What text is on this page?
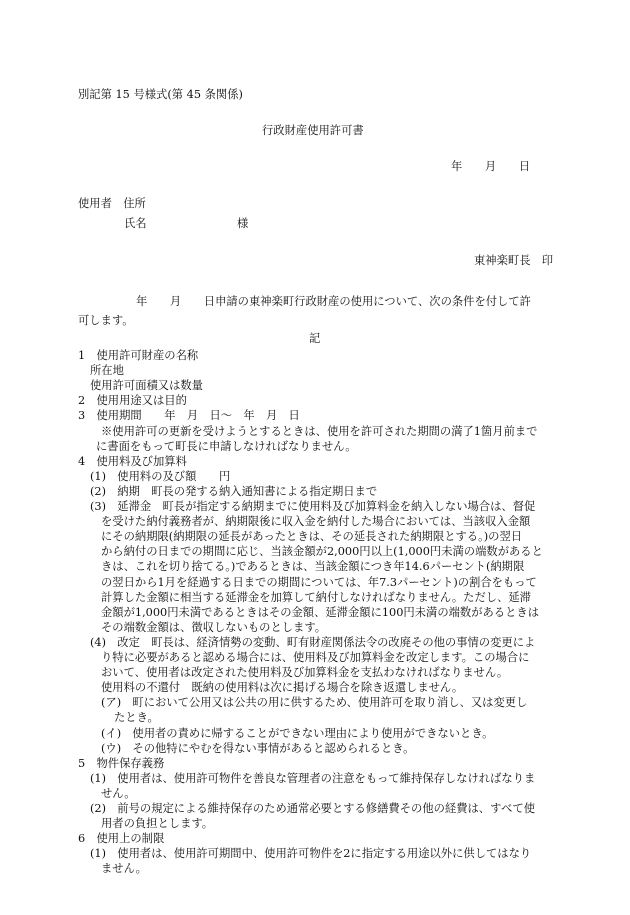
別記第 15 号様式(第 45 条関係)
行政財産使用許可書
年　　月　　日
使用者　住所
氏名　　　　　　　　様
東神楽町長　印
年　　月　　日申請の東神楽町行政財産の使用について、次の条件を付して許
可します。
記
1　使用許可財産の名称
所在地
使用許可面積又は数量
2　使用用途又は目的
3　使用期間　　年　月　日〜　年　月　日
※使用許可の更新を受けようとするときは、使用を許可された期間の満了1箇月前まで
に書面をもって町長に申請しなければなりません。
4　使用料及び加算料
(1)　使用料の及び額　　円
(2)　納期　町長の発する納入通知書による指定期日まで
(3)　延滞金　町長が指定する納期までに使用料及び加算料金を納入しない場合は、督促
を受けた納付義務者が、納期限後に収入金を納付した場合においては、当該収入金額
にその納期限(納期限の延長があったときは、その延長された納期限とする。)の翌日
から納付の日までの期間に応じ、当該金額が2,000円以上(1,000円未満の端数があると
きは、これを切り捨てる。)であるときは、当該金額につき年14.6パーセント(納期限
の翌日から1月を経過する日までの期間については、年7.3パーセント)の割合をもって
計算した金額に相当する延滞金を加算して納付しなければなりません。ただし、延滞
金額が1,000円未満であるときはその金額、延滞金額に100円未満の端数があるときは
その端数金額は、徴収しないものとします。
(4)　改定　町長は、経済情勢の変動、町有財産関係法令の改廃その他の事情の変更によ
り特に必要があると認める場合には、使用料及び加算料金を改定します。この場合に
おいて、使用者は改定された使用料及び加算料金を支払わなければなりません。
使用料の不還付　既納の使用料は次に掲げる場合を除き返還しません。
(ア)　町において公用又は公共の用に供するため、使用許可を取り消し、又は変更し
たとき。
(イ)　使用者の責めに帰することができない理由により使用ができないとき。
(ウ)　その他特にやむを得ない事情があると認められるとき。
5　物件保存義務
(1)　使用者は、使用許可物件を善良な管理者の注意をもって維持保存しなければなりま
せん。
(2)　前号の規定による維持保存のため通常必要とする修繕費その他の経費は、すべて使
用者の負担とします。
6　使用上の制限
(1)　使用者は、使用許可期間中、使用許可物件を2に指定する用途以外に供してはなり
ません。
